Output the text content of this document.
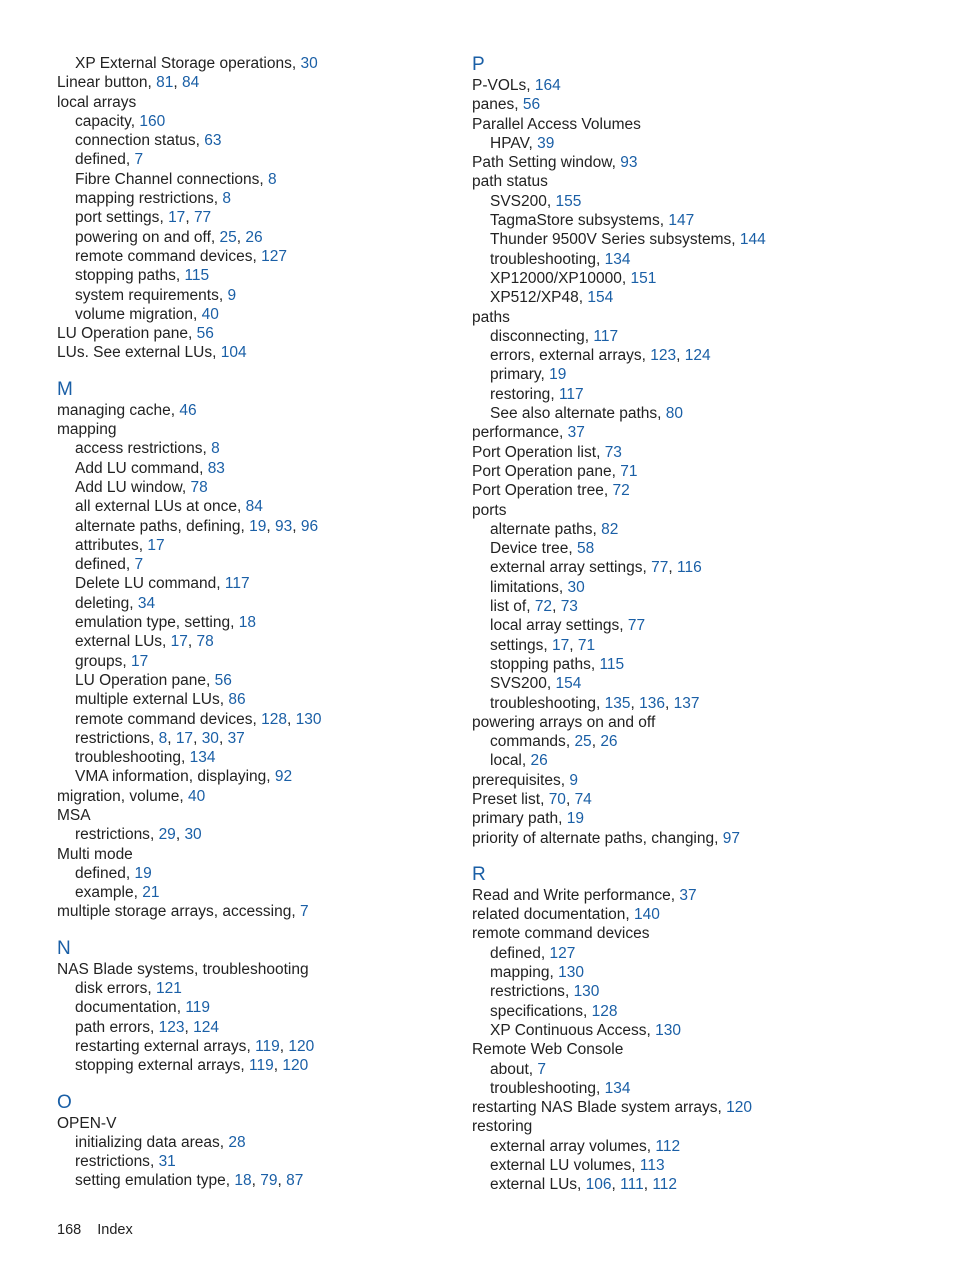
XP External Storage operations, 30
Linear button, 81, 84
local arrays
capacity, 160
connection status, 63
defined, 7
Fibre Channel connections, 8
mapping restrictions, 8
port settings, 17, 77
powering on and off, 25, 26
remote command devices, 127
stopping paths, 115
system requirements, 9
volume migration, 40
LU Operation pane, 56
LUs. See external LUs, 104
M
managing cache, 46
mapping
access restrictions, 8
Add LU command, 83
Add LU window, 78
all external LUs at once, 84
alternate paths, defining, 19, 93, 96
attributes, 17
defined, 7
Delete LU command, 117
deleting, 34
emulation type, setting, 18
external LUs, 17, 78
groups, 17
LU Operation pane, 56
multiple external LUs, 86
remote command devices, 128, 130
restrictions, 8, 17, 30, 37
troubleshooting, 134
VMA information, displaying, 92
migration, volume, 40
MSA
restrictions, 29, 30
Multi mode
defined, 19
example, 21
multiple storage arrays, accessing, 7
N
NAS Blade systems, troubleshooting
disk errors, 121
documentation, 119
path errors, 123, 124
restarting external arrays, 119, 120
stopping external arrays, 119, 120
O
OPEN-V
initializing data areas, 28
restrictions, 31
setting emulation type, 18, 79, 87
P
P-VOLs, 164
panes, 56
Parallel Access Volumes
HPAV, 39
Path Setting window, 93
path status
SVS200, 155
TagmaStore subsystems, 147
Thunder 9500V Series subsystems, 144
troubleshooting, 134
XP12000/XP10000, 151
XP512/XP48, 154
paths
disconnecting, 117
errors, external arrays, 123, 124
primary, 19
restoring, 117
See also alternate paths, 80
performance, 37
Port Operation list, 73
Port Operation pane, 71
Port Operation tree, 72
ports
alternate paths, 82
Device tree, 58
external array settings, 77, 116
limitations, 30
list of, 72, 73
local array settings, 77
settings, 17, 71
stopping paths, 115
SVS200, 154
troubleshooting, 135, 136, 137
powering arrays on and off
commands, 25, 26
local, 26
prerequisites, 9
Preset list, 70, 74
primary path, 19
priority of alternate paths, changing, 97
R
Read and Write performance, 37
related documentation, 140
remote command devices
defined, 127
mapping, 130
restrictions, 130
specifications, 128
XP Continuous Access, 130
Remote Web Console
about, 7
troubleshooting, 134
restarting NAS Blade system arrays, 120
restoring
external array volumes, 112
external LU volumes, 113
external LUs, 106, 111, 112
168 Index
